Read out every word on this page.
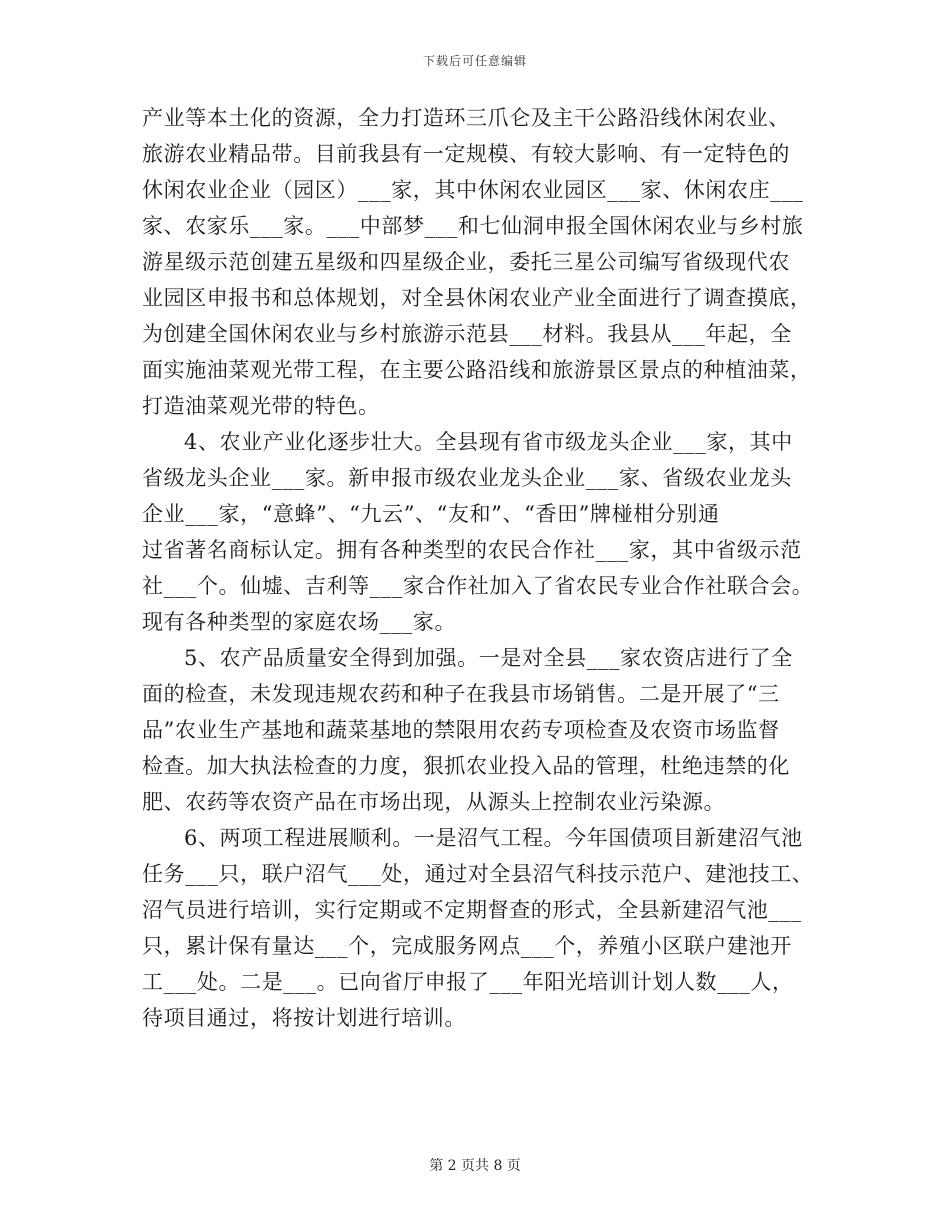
下载后可任意编辑
产业等本土化的资源，全力打造环三爪仑及主干公路沿线休闲农业、
旅游农业精品带。目前我县有一定规模、有较大影响、有一定特色的
休闲农业企业（园区）___家，其中休闲农业园区___家、休闲农庄___
家、农家乐___家。___中部梦___和七仙洞申报全国休闲农业与乡村旅
游星级示范创建五星级和四星级企业，委托三星公司编写省级现代农
业园区申报书和总体规划，对全县休闲农业产业全面进行了调查摸底，
为创建全国休闲农业与乡村旅游示范县___材料。我县从___年起，全
面实施油菜观光带工程，在主要公路沿线和旅游景区景点的种植油菜，
打造油菜观光带的特色。
4、农业产业化逐步壮大。全县现有省市级龙头企业___家，其中
省级龙头企业___家。新申报市级农业龙头企业___家、省级农业龙头
企业___家，“意蜂”、“九云”、“友和”、“香田”牌椪柑分别通
过省著名商标认定。拥有各种类型的农民合作社___家，其中省级示范
社___个。仙墟、吉利等___家合作社加入了省农民专业合作社联合会。
现有各种类型的家庭农场___家。
5、农产品质量安全得到加强。一是对全县___家农资店进行了全
面的检查，未发现违规农药和种子在我县市场销售。二是开展了“三
品”农业生产基地和蔬菜基地的禁限用农药专项检查及农资市场监督
检查。加大执法检查的力度，狠抓农业投入品的管理，杜绝违禁的化
肥、农药等农资产品在市场出现，从源头上控制农业污染源。
6、两项工程进展顺利。一是沼气工程。今年国债项目新建沼气池
任务___只，联户沼气___处，通过对全县沼气科技示范户、建池技工、
沼气员进行培训，实行定期或不定期督查的形式，全县新建沼气池___
只，累计保有量达___个，完成服务网点___个，养殖小区联户建池开
工___处。二是___。已向省厅申报了___年阳光培训计划人数___人，
待项目通过，将按计划进行培训。
第 2 页共 8 页
